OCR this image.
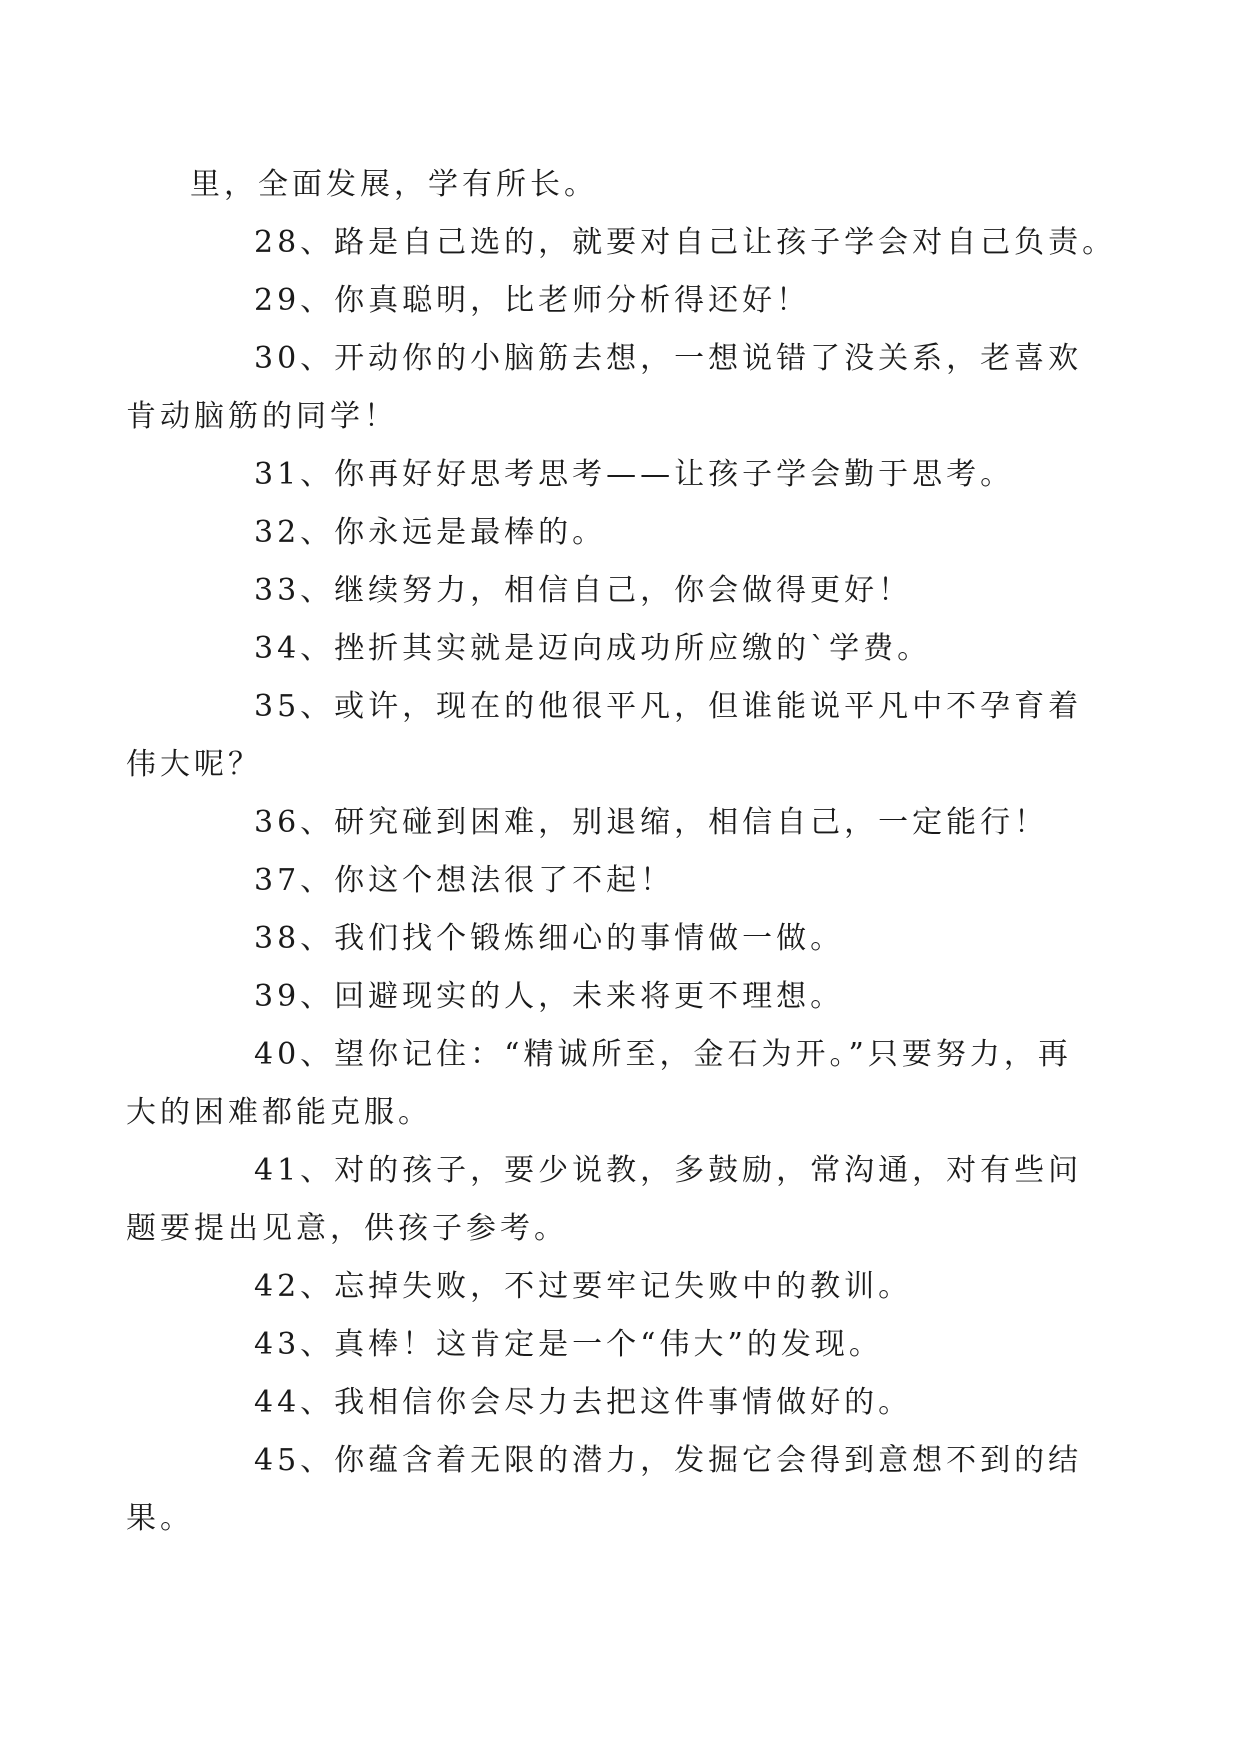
里，全面发展，学有所长。

28、路是自己选的，就要对自己让孩子学会对自己负责。

29、你真聪明，比老师分析得还好！

30、开动你的小脑筋去想，一想说错了没关系，老喜欢
肯动脑筋的同学！

31、你再好好思考思考——让孩子学会勤于思考。

32、你永远是最棒的。

33、继续努力，相信自己，你会做得更好！

34、挫折其实就是迈向成功所应缴的`学费。

35、或许，现在的他很平凡，但谁能说平凡中不孕育着
伟大呢？

36、研究碰到困难，别退缩，相信自己，一定能行！

37、你这个想法很了不起！

38、我们找个锻炼细心的事情做一做。

39、回避现实的人，未来将更不理想。

40、望你记住：“精诚所至，金石为开。”只要努力，再
大的困难都能克服。

41、对的孩子，要少说教，多鼓励，常沟通，对有些问
题要提出见意，供孩子参考。

42、忘掉失败，不过要牢记失败中的教训。

43、真棒！这肯定是一个“伟大”的发现。

44、我相信你会尽力去把这件事情做好的。

45、你蕴含着无限的潜力，发掘它会得到意想不到的结
果。
